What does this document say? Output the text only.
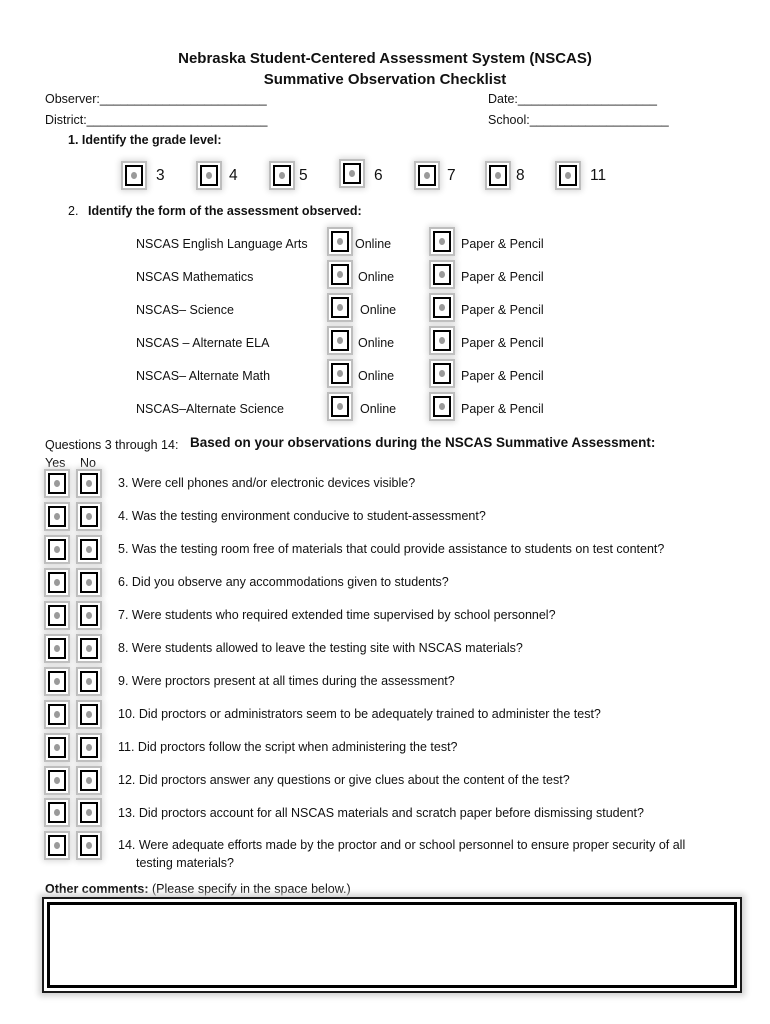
Nebraska Student-Centered Assessment System (NSCAS)
Summative Observation Checklist
Observer:________________________	Date:____________________
District:__________________________	School:____________________
1. Identify the grade level:
3	4	5	6	7	8	11
2. Identify the form of the assessment observed:
NSCAS English Language Arts	Online	Paper & Pencil
NSCAS Mathematics	Online	Paper & Pencil
NSCAS– Science	Online	Paper & Pencil
NSCAS – Alternate ELA	Online	Paper & Pencil
NSCAS– Alternate Math	Online	Paper & Pencil
NSCAS–Alternate Science	Online	Paper & Pencil
Questions 3 through 14: Based on your observations during the NSCAS Summative Assessment:
Yes No
3. Were cell phones and/or electronic devices visible?
4. Was the testing environment conducive to student-assessment?
5. Was the testing room free of materials that could provide assistance to students on test content?
6. Did you observe any accommodations given to students?
7. Were students who required extended time supervised by school personnel?
8. Were students allowed to leave the testing site with NSCAS materials?
9. Were proctors present at all times during the assessment?
10. Did proctors or administrators seem to be adequately trained to administer the test?
11. Did proctors follow the script when administering the test?
12. Did proctors answer any questions or give clues about the content of the test?
13. Did proctors account for all NSCAS materials and scratch paper before dismissing student?
14. Were adequate efforts made by the proctor and or school personnel to ensure proper security of all
testing materials?
Other comments: (Please specify in the space below.)
